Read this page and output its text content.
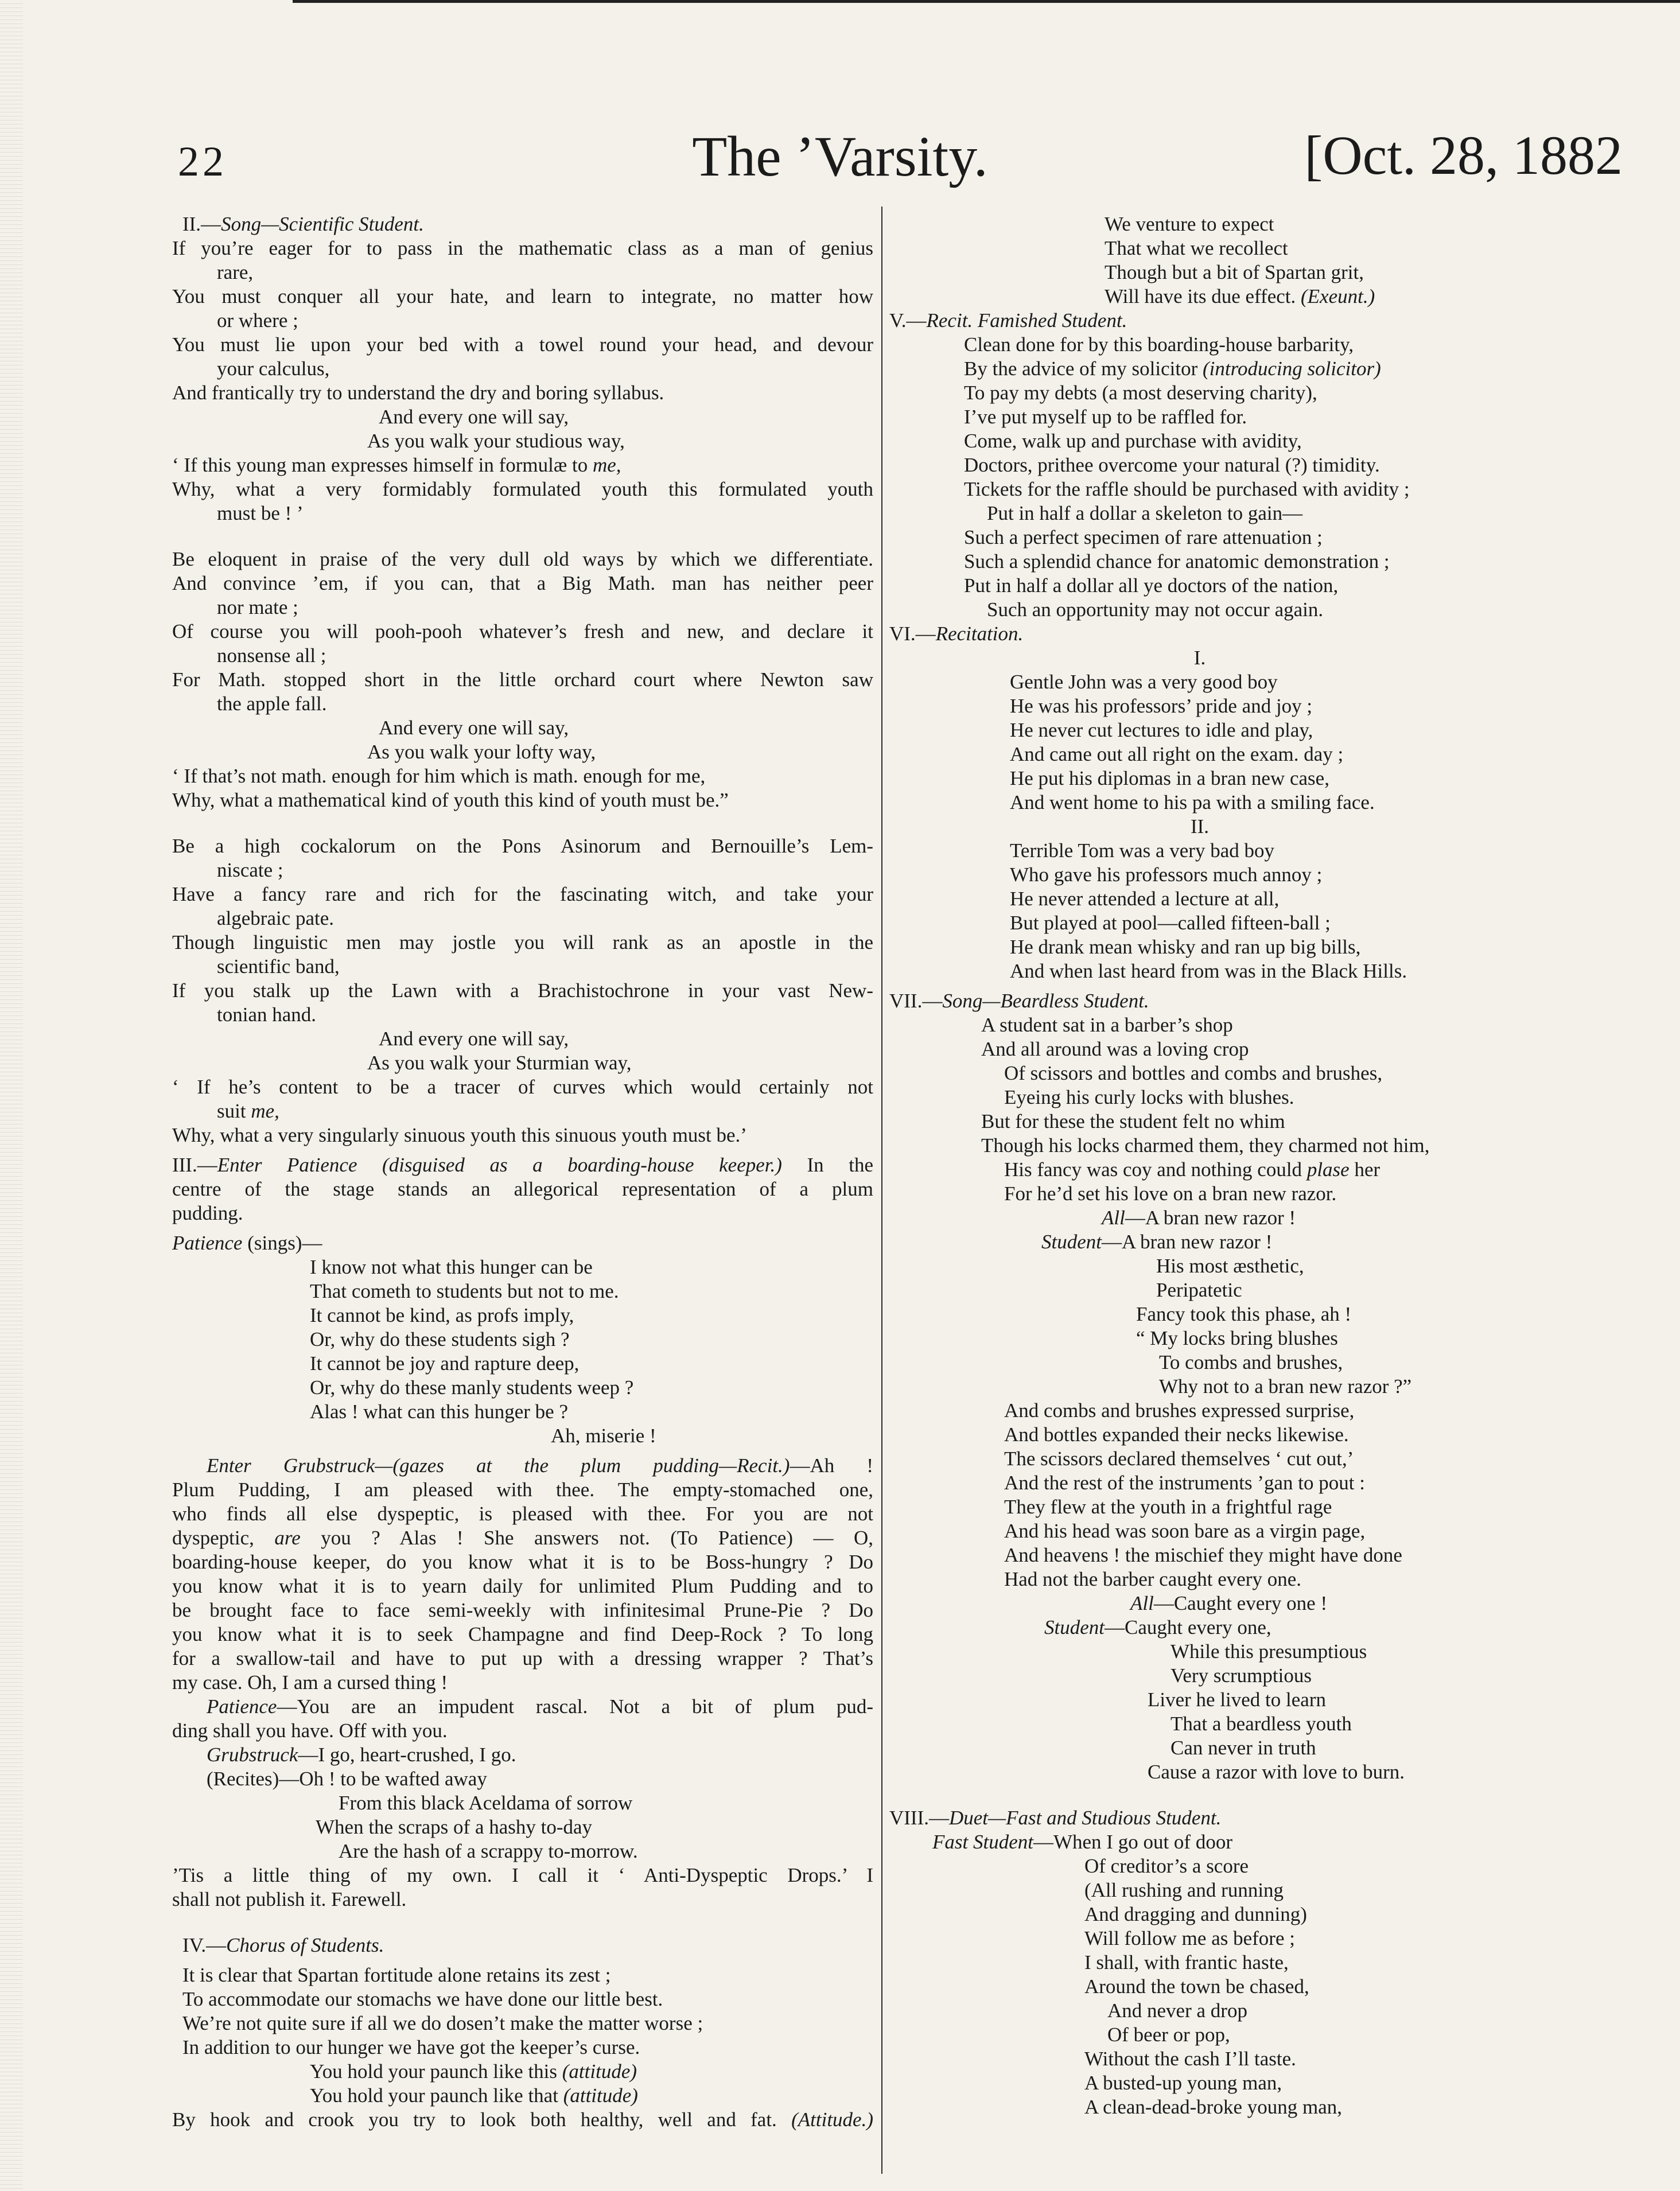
22	The ’Varsity.	[Oct. 28, 1882
II.—Song—Scientific Student.
If you’re eager for to pass in the mathematic class as a man of genius
rare,
You must conquer all your hate, and learn to integrate, no matter how
or where ;
You must lie upon your bed with a towel round your head, and devour
your calculus,
And frantically try to understand the dry and boring syllabus.
And every one will say,
As you walk your studious way,
‘ If this young man expresses himself in formulæ to me,
Why, what a very formidably formulated youth this formulated youth
must be ! ’
Be eloquent in praise of the very dull old ways by which we differentiate.
And convince ’em, if you can, that a Big Math. man has neither peer
nor mate ;
Of course you will pooh-pooh whatever’s fresh and new, and declare it
nonsense all ;
For Math. stopped short in the little orchard court where Newton saw
the apple fall.
And every one will say,
As you walk your lofty way,
‘ If that’s not math. enough for him which is math. enough for me,
Why, what a mathematical kind of youth this kind of youth must be.”
Be a high cockalorum on the Pons Asinorum and Bernouille’s Lem-
niscate ;
Have a fancy rare and rich for the fascinating witch, and take your
algebraic pate.
Though linguistic men may jostle you will rank as an apostle in the
scientific band,
If you stalk up the Lawn with a Brachistochrone in your vast New-
tonian hand.
And every one will say,
As you walk your Sturmian way,
‘ If he’s content to be a tracer of curves which would certainly not
suit me,
Why, what a very singularly sinuous youth this sinuous youth must be.’
III.—Enter Patience (disguised as a boarding-house keeper.) In the
centre of the stage stands an allegorical representation of a plum
pudding.
Patience (sings)—
I know not what this hunger can be
That cometh to students but not to me.
It cannot be kind, as profs imply,
Or, why do these students sigh ?
It cannot be joy and rapture deep,
Or, why do these manly students weep ?
Alas ! what can this hunger be ?
Ah, miserie !
Enter Grubstruck—(gazes at the plum pudding—Recit.)—Ah !
Plum Pudding, I am pleased with thee. The empty-stomached one,
who finds all else dyspeptic, is pleased with thee. For you are not
dyspeptic, are you ? Alas ! She answers not. (To Patience) — O,
boarding-house keeper, do you know what it is to be Boss-hungry ? Do
you know what it is to yearn daily for unlimited Plum Pudding and to
be brought face to face semi-weekly with infinitesimal Prune-Pie ? Do
you know what it is to seek Champagne and find Deep-Rock ? To long
for a swallow-tail and have to put up with a dressing wrapper ? That’s
my case. Oh, I am a cursed thing !
Patience—You are an impudent rascal. Not a bit of plum pud-
ding shall you have. Off with you.
Grubstruck—I go, heart-crushed, I go.
(Recites)—Oh ! to be wafted away
From this black Aceldama of sorrow
When the scraps of a hashy to-day
Are the hash of a scrappy to-morrow.
’Tis a little thing of my own. I call it ‘ Anti-Dyspeptic Drops.’ I
shall not publish it. Farewell.
IV.—Chorus of Students.
It is clear that Spartan fortitude alone retains its zest ;
To accommodate our stomachs we have done our little best.
We’re not quite sure if all we do dosen’t make the matter worse ;
In addition to our hunger we have got the keeper’s curse.
You hold your paunch like this (attitude)
You hold your paunch like that (attitude)
By hook and crook you try to look both healthy, well and fat. (Attitude.)
We venture to expect
That what we recollect
Though but a bit of Spartan grit,
Will have its due effect. (Exeunt.)
V.—Recit. Famished Student.
Clean done for by this boarding-house barbarity,
By the advice of my solicitor (introducing solicitor)
To pay my debts (a most deserving charity),
I’ve put myself up to be raffled for.
Come, walk up and purchase with avidity,
Doctors, prithee overcome your natural (?) timidity.
Tickets for the raffle should be purchased with avidity ;
Put in half a dollar a skeleton to gain—
Such a perfect specimen of rare attenuation ;
Such a splendid chance for anatomic demonstration ;
Put in half a dollar all ye doctors of the nation,
Such an opportunity may not occur again.
VI.—Recitation.
I.
Gentle John was a very good boy
He was his professors’ pride and joy ;
He never cut lectures to idle and play,
And came out all right on the exam. day ;
He put his diplomas in a bran new case,
And went home to his pa with a smiling face.
II.
Terrible Tom was a very bad boy
Who gave his professors much annoy ;
He never attended a lecture at all,
But played at pool—called fifteen-ball ;
He drank mean whisky and ran up big bills,
And when last heard from was in the Black Hills.
VII.—Song—Beardless Student.
A student sat in a barber’s shop
And all around was a loving crop
Of scissors and bottles and combs and brushes,
Eyeing his curly locks with blushes.
But for these the student felt no whim
Though his locks charmed them, they charmed not him,
His fancy was coy and nothing could plase her
For he’d set his love on a bran new razor.
All—A bran new razor !
Student—A bran new razor !
His most æsthetic,
Peripatetic
Fancy took this phase, ah !
“ My locks bring blushes
To combs and brushes,
Why not to a bran new razor ?”
And combs and brushes expressed surprise,
And bottles expanded their necks likewise.
The scissors declared themselves ‘ cut out,’
And the rest of the instruments ’gan to pout :
They flew at the youth in a frightful rage
And his head was soon bare as a virgin page,
And heavens ! the mischief they might have done
Had not the barber caught every one.
All—Caught every one !
Student—Caught every one,
While this presumptious
Very scrumptious
Liver he lived to learn
That a beardless youth
Can never in truth
Cause a razor with love to burn.
VIII.—Duet—Fast and Studious Student.
Fast Student—When I go out of door
Of creditor’s a score
(All rushing and running
And dragging and dunning)
Will follow me as before ;
I shall, with frantic haste,
Around the town be chased,
And never a drop
Of beer or pop,
Without the cash I’ll taste.
A busted-up young man,
A clean-dead-broke young man,
